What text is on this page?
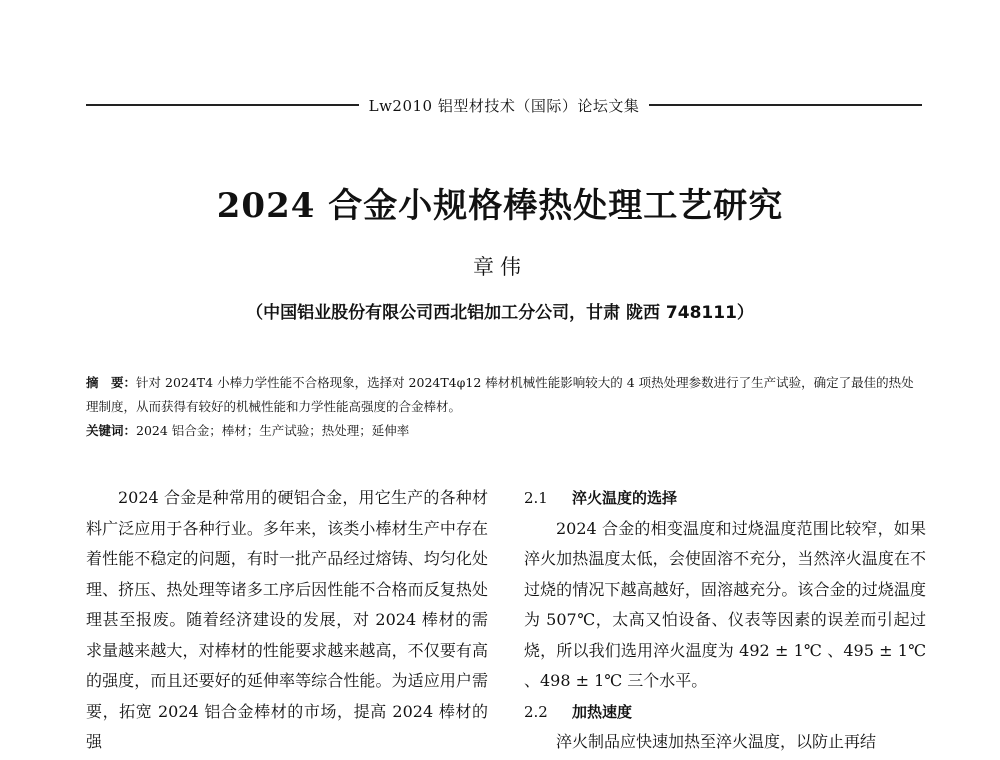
Lw2010 铝型材技术（国际）论坛文集
2024 合金小规格棒热处理工艺研究
章伟
（中国铝业股份有限公司西北铝加工分公司，甘肃 陇西 748111）

摘　要：针对 2024T4 小棒力学性能不合格现象，选择对 2024T4φ12 棒材机械性能影响较大的 4 项热处理参数进行了生产试验，确定了最佳的热处理制度，从而获得有较好的机械性能和力学性能高强度的合金棒材。

关键词：2024 铝合金；棒材；生产试验；热处理；延伸率

2024 合金是种常用的硬铝合金，用它生产的各种材料广泛应用于各种行业。多年来，该类小棒材生产中存在着性能不稳定的问题，有时一批产品经过熔铸、均匀化处理、挤压、热处理等诸多工序后因性能不合格而反复热处理甚至报废。随着经济建设的发展，对 2024 棒材的需求量越来越大，对棒材的性能要求越来越高，不仅要有高的强度，而且还要好的延伸率等综合性能。为适应用户需要，拓宽 2024 铝合金棒材的市场，提高 2024 棒材的强

2.1 淬火温度的选择

2024 合金的相变温度和过烧温度范围比较窄，如果淬火加热温度太低，会使固溶不充分，当然淬火温度在不过烧的情况下越高越好，固溶越充分。该合金的过烧温度为 507℃，太高又怕设备、仪表等因素的误差而引起过烧，所以我们选用淬火温度为 492 ± 1℃ 、495 ± 1℃ 、498 ± 1℃ 三个水平。

2.2 加热速度

淬火制品应快速加热至淬火温度，以防止再结
